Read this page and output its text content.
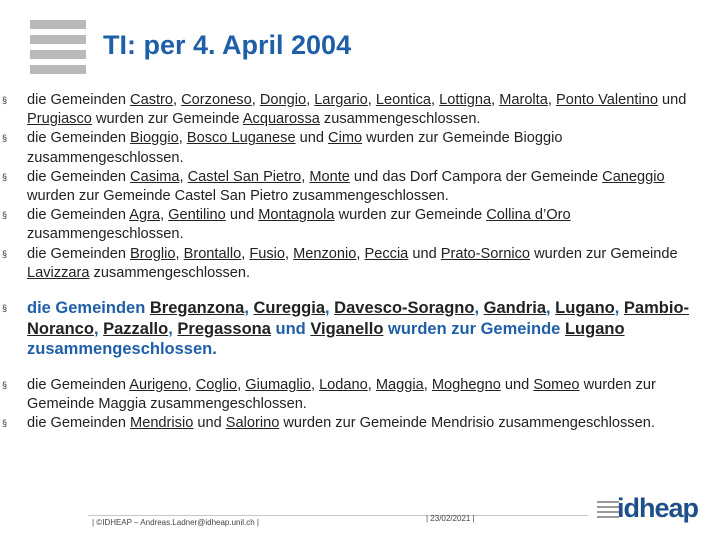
TI: per 4. April 2004
§ die Gemeinden Castro, Corzoneso, Dongio, Largario, Leontica, Lottigna, Marolta, Ponto Valentino und Prugiasco wurden zur Gemeinde Acquarossa zusammengeschlossen.
§ die Gemeinden Bioggio, Bosco Luganese und Cimo wurden zur Gemeinde Bioggio zusammengeschlossen.
§ die Gemeinden Casima, Castel San Pietro, Monte und das Dorf Campora der Gemeinde Caneggio wurden zur Gemeinde Castel San Pietro zusammengeschlossen.
§ die Gemeinden Agra, Gentilino und Montagnola wurden zur Gemeinde Collina d’Oro zusammengeschlossen.
§ die Gemeinden Broglio, Brontallo, Fusio, Menzonio, Peccia und Prato-Sornico wurden zur Gemeinde Lavizzara zusammengeschlossen.
§ die Gemeinden Breganzona, Cureggia, Davesco-Soragno, Gandria, Lugano, Pambio-Noranco, Pazzallo, Pregassona und Viganello wurden zur Gemeinde Lugano zusammengeschlossen.
§ die Gemeinden Aurigeno, Coglio, Giumaglio, Lodano, Maggia, Moghegno und Someo wurden zur Gemeinde Maggia zusammengeschlossen.
§ die Gemeinden Mendrisio und Salorino wurden zur Gemeinde Mendrisio zusammengeschlossen.
| ©IDHEAP – Andreas.Ladner@idheap.unil.ch |	| 23/02/2021 |	idheap
